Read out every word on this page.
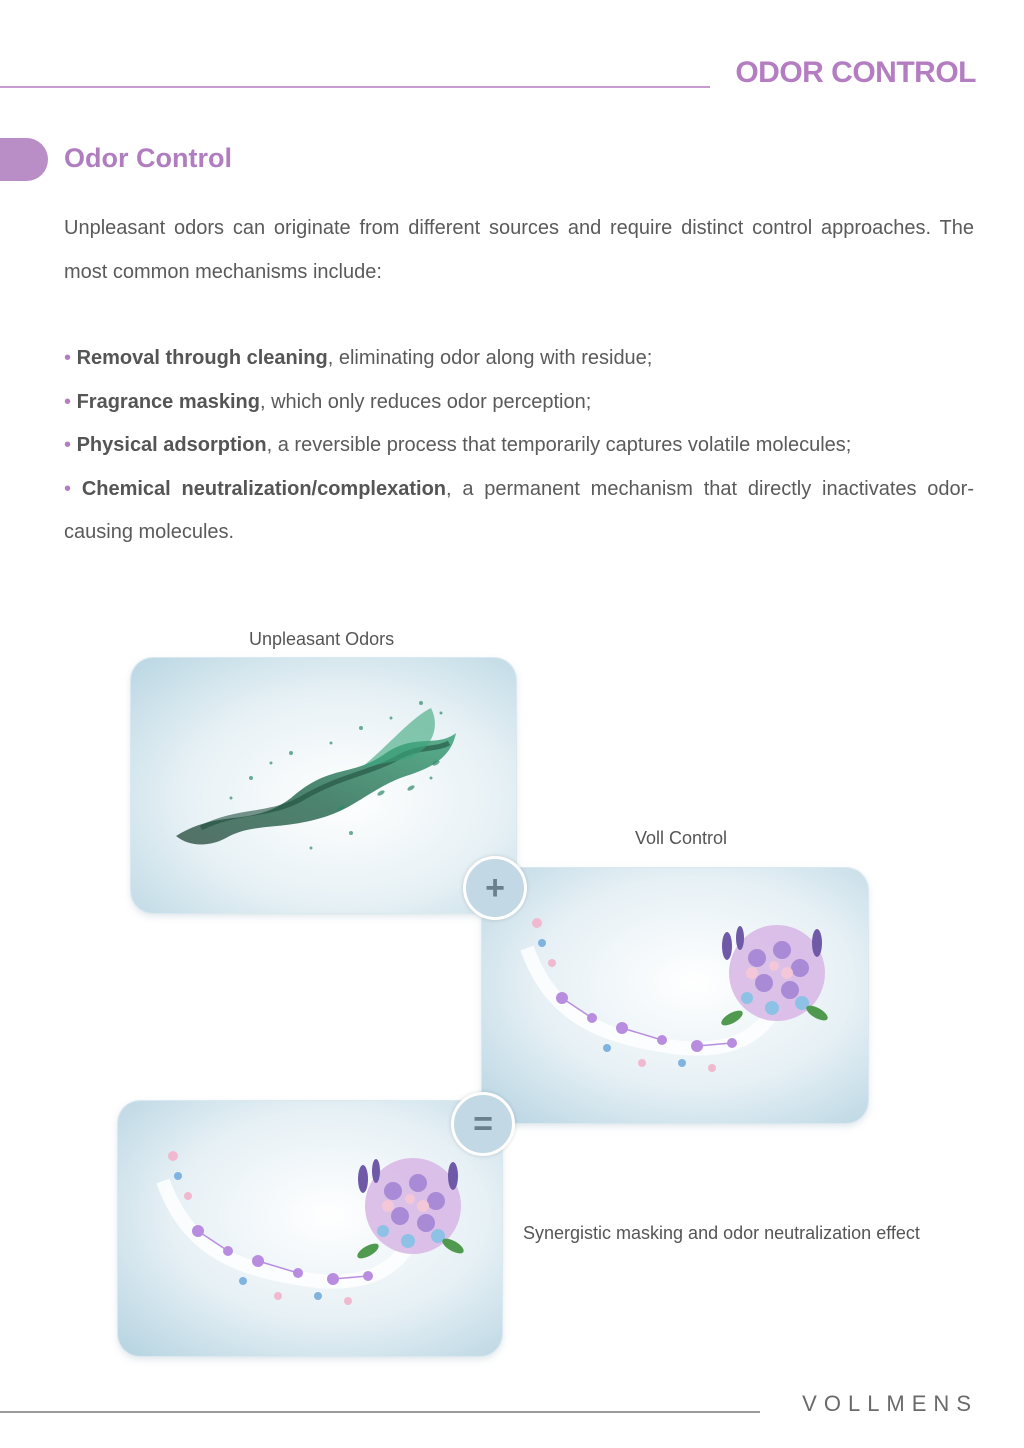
ODOR CONTROL
Odor Control
Unpleasant odors can originate from different sources and require distinct control approaches. The most common mechanisms include:

• Removal through cleaning, eliminating odor along with residue;

• Fragrance masking, which only reduces odor perception;

• Physical adsorption, a reversible process that temporarily captures volatile molecules;

• Chemical neutralization/complexation, a permanent mechanism that directly inactivates odor-causing molecules.

Unpleasant Odors
Voll Control
+
=
Synergistic masking and odor neutralization effect
VOLLMENS
